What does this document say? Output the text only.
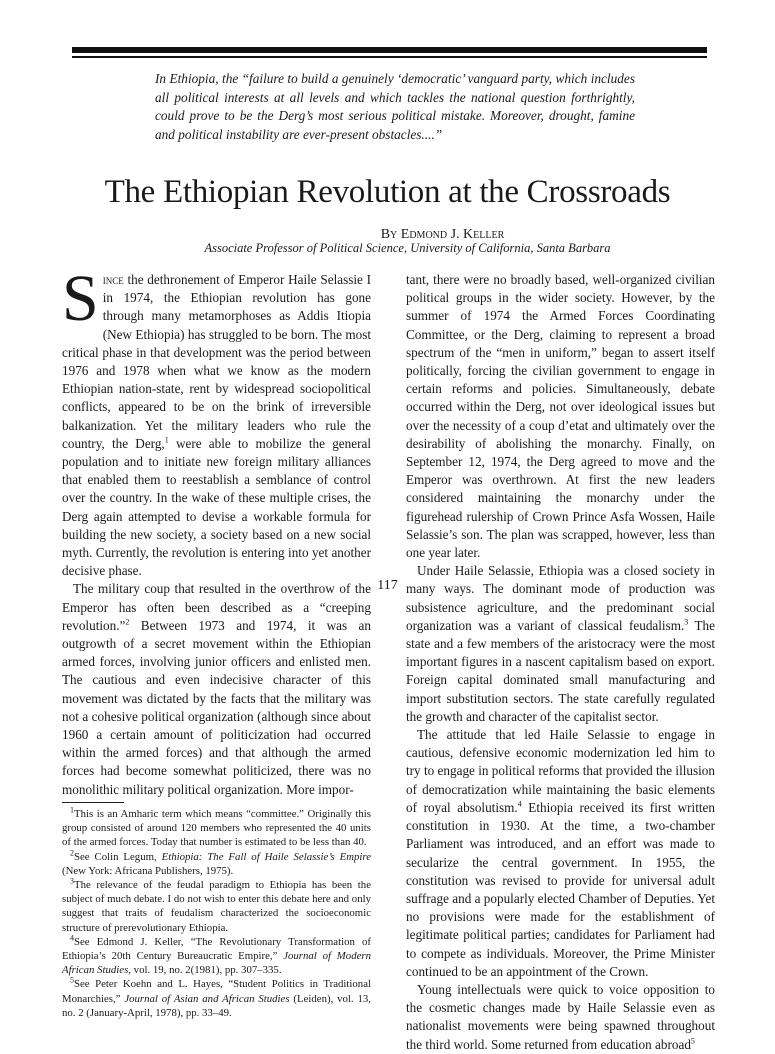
In Ethiopia, the “failure to build a genuinely ‘democratic’ vanguard party, which includes all political interests at all levels and which tackles the national question forthrightly, could prove to be the Derg’s most serious political mistake. Moreover, drought, famine and political instability are ever-present obstacles....”
The Ethiopian Revolution at the Crossroads
By Edmond J. Keller
Associate Professor of Political Science, University of California, Santa Barbara

Since the dethronement of Emperor Haile Selassie I in 1974, the Ethiopian revolution has gone through many metamorphoses as Addis Itiopia (New Ethiopia) has struggled to be born. The most critical phase in that development was the period between 1976 and 1978 when what we know as the modern Ethiopian nation-state, rent by widespread sociopolitical conflicts, appeared to be on the brink of irreversible balkanization. Yet the military leaders who rule the country, the Derg,$^1$ were able to mobilize the general population and to initiate new foreign military alliances that enabled them to reestablish a semblance of control over the country. In the wake of these multiple crises, the Derg again attempted to devise a workable formula for building the new society, a society based on a new social myth. Currently, the revolution is entering into yet another decisive phase.

The military coup that resulted in the overthrow of the Emperor has often been described as a “creeping revolution.”$^2$ Between 1973 and 1974, it was an outgrowth of a secret movement within the Ethiopian armed forces, involving junior officers and enlisted men. The cautious and even indecisive character of this movement was dictated by the facts that the military was not a cohesive political organization (although since about 1960 a certain amount of politicization had occurred within the armed forces) and that although the armed forces had become somewhat politicized, there was no monolithic military political organization. More impor-

$^1$This is an Amharic term which means “committee.” Originally this group consisted of around 120 members who represented the 40 units of the armed forces. Today that number is estimated to be less than 40.

$^2$See Colin Legum, Ethiopia: The Fall of Haile Selassie’s Empire (New York: Africana Publishers, 1975).

$^3$The relevance of the feudal paradigm to Ethiopia has been the subject of much debate. I do not wish to enter this debate here and only suggest that traits of feudalism characterized the socioeconomic structure of prerevolutionary Ethiopia.

$^4$See Edmond J. Keller, “The Revolutionary Transformation of Ethiopia’s 20th Century Bureaucratic Empire,” Journal of Modern African Studies, vol. 19, no. 2(1981), pp. 307–335.

$^5$See Peter Koehn and L. Hayes, “Student Politics in Traditional Monarchies,” Journal of Asian and African Studies (Leiden), vol. 13, no. 2 (January-April, 1978), pp. 33–49.

tant, there were no broadly based, well-organized civilian political groups in the wider society. However, by the summer of 1974 the Armed Forces Coordinating Committee, or the Derg, claiming to represent a broad spectrum of the “men in uniform,” began to assert itself politically, forcing the civilian government to engage in certain reforms and policies. Simultaneously, debate occurred within the Derg, not over ideological issues but over the necessity of a coup d’etat and ultimately over the desirability of abolishing the monarchy. Finally, on September 12, 1974, the Derg agreed to move and the Emperor was overthrown. At first the new leaders considered maintaining the monarchy under the figurehead rulership of Crown Prince Asfa Wossen, Haile Selassie’s son. The plan was scrapped, however, less than one year later.

Under Haile Selassie, Ethiopia was a closed society in many ways. The dominant mode of production was subsistence agriculture, and the predominant social organization was a variant of classical feudalism.$^3$ The state and a few members of the aristocracy were the most important figures in a nascent capitalism based on export. Foreign capital dominated small manufacturing and import substitution sectors. The state carefully regulated the growth and character of the capitalist sector.

The attitude that led Haile Selassie to engage in cautious, defensive economic modernization led him to try to engage in political reforms that provided the illusion of democratization while maintaining the basic elements of royal absolutism.$^4$ Ethiopia received its first written constitution in 1930. At the time, a two-chamber Parliament was introduced, and an effort was made to secularize the central government. In 1955, the constitution was revised to provide for universal adult suffrage and a popularly elected Chamber of Deputies. Yet no provisions were made for the establishment of legitimate political parties; candidates for Parliament had to compete as individuals. Moreover, the Prime Minister continued to be an appointment of the Crown.

Young intellectuals were quick to voice opposition to the cosmetic changes made by Haile Selassie even as nationalist movements were being spawned throughout the third world. Some returned from education abroad$^5$

117
